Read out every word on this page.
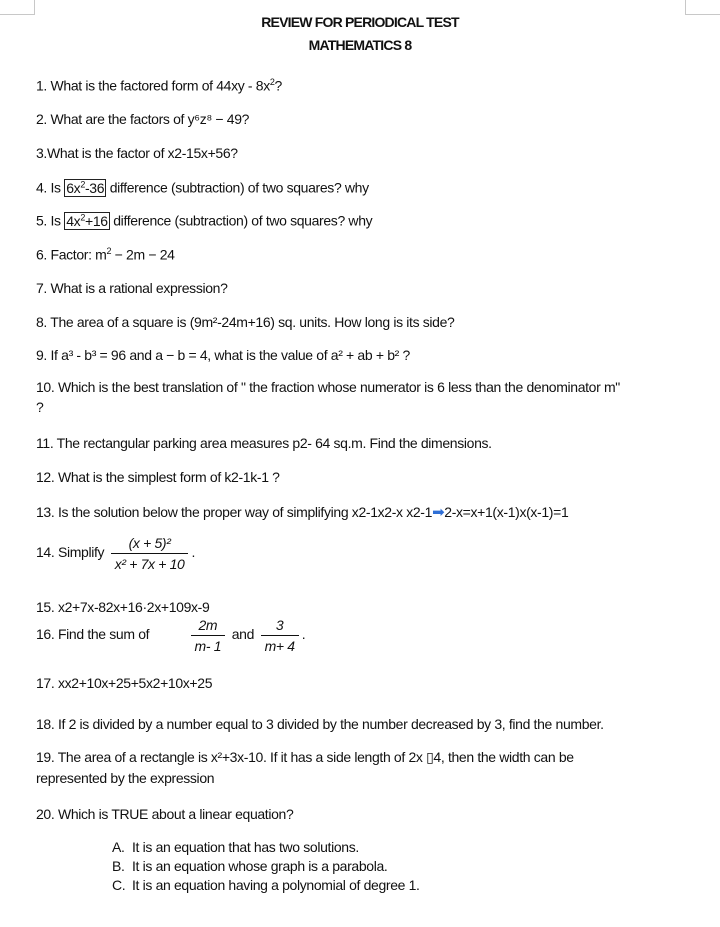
REVIEW FOR PERIODICAL TEST
MATHEMATICS 8
1. What is the factored form of $44xy - 8x^2$?
2. What are the factors of y⁶z⁸ − 49?
3.What is the factor of x2-15x+56?
4. Is $6x^2-36$ difference (subtraction) of two squares? why
5. Is $4x^2+16$ difference (subtraction) of two squares? why
6. Factor: $m^2 - 2m - 24$
7. What is a rational expression?
8. The area of a square is (9m²-24m+16) sq. units. How long is its side?
9. If a³ - b³ = 96 and a − b = 4, what is the value of a² + ab + b² ?
10. Which is the best translation of " the fraction whose numerator is 6 less than the denominator m"
?
11. The rectangular parking area measures p2- 64 sq.m. Find the dimensions.
12. What is the simplest form of k2-1k-1 ?
13. Is the solution below the proper way of simplifying x2-1x2-x x2-1➡2-x=x+1(x-1)x(x-1)=1
14. Simplify $\frac{\text{(x + 5)²}}{\text{x² + 7x + 10}}$ .
15. x2+7x-82x+16·2x+109x-9
16. Find the sum of	$\frac{2m}{m- 1}$ and $\frac{3}{m+ 4}$ .
17. xx2+10x+25+5x2+10x+25
18. If 2 is divided by a number equal to 3 divided by the number decreased by 3, find the number.
19. The area of a rectangle is x²+3x-10. If it has a side length of 2x ▯4, then the width can be
represented by the expression
20. Which is TRUE about a linear equation?
A. It is an equation that has two solutions.
B. It is an equation whose graph is a parabola.
C. It is an equation having a polynomial of degree 1.
